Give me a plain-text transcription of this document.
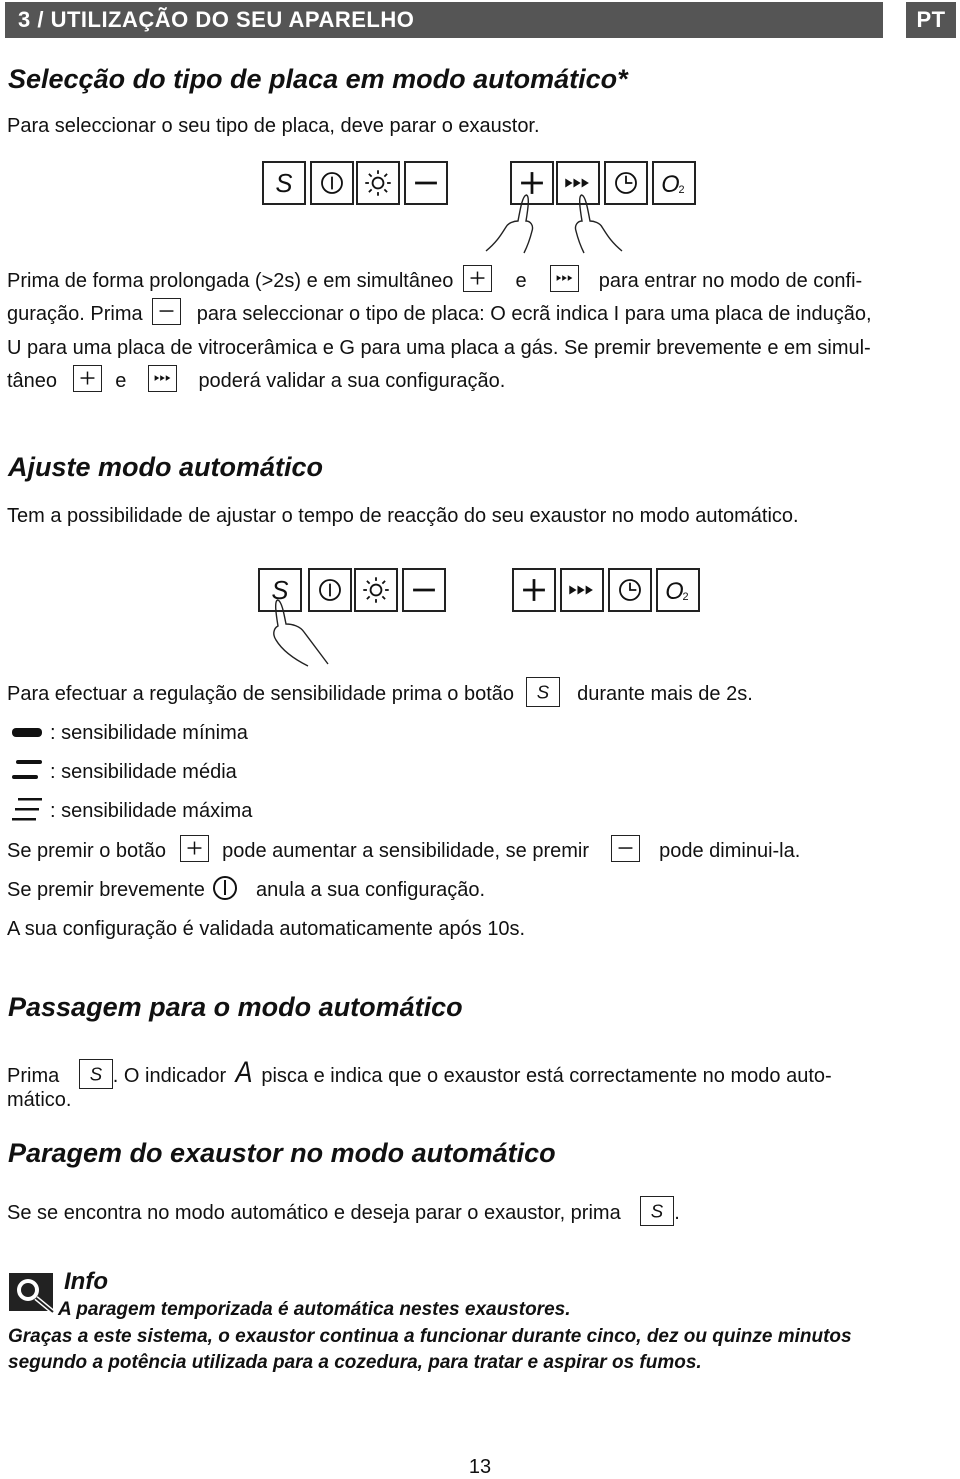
3 / UTILIZAÇÃO DO SEU APARELHO	PT
Selecção do tipo de placa em modo automático*

Para seleccionar o seu tipo de placa, deve parar o exaustor.

S	O
2
Prima de forma prolongada (>2s) e em simultâneo	e	para entrar no modo de confi-
guração. Prima	para seleccionar o tipo de placa: O ecrã indica I para uma placa de indução,
U para uma placa de vitrocerâmica e G para uma placa a gás. Se premir brevemente e em simul-
tâneo	e	poderá validar a sua configuração.
Ajuste modo automático

Tem a possibilidade de ajustar o tempo de reacção do seu exaustor no modo automático.

S	O
2
Para efectuar a regulação de sensibilidade prima o botão S durante mais de 2s.
: sensibilidade mínima
: sensibilidade média
: sensibilidade máxima
Se premir o botão	pode aumentar a sensibilidade, se premir	pode diminui-la.
Se premir brevemente	anula a sua configuração.
A sua configuração é validada automaticamente após 10s.
Passagem para o modo automático
Prima S . O indicador A pisca e indica que o exaustor está correctamente no modo auto-
mático.
Paragem do exaustor no modo automático
Se se encontra no modo automático e deseja parar o exaustor, prima S .
Info

A paragem temporizada é automática nestes exaustores.

Graças a este sistema, o exaustor continua a funcionar durante cinco, dez ou quinze minutos

segundo a potência utilizada para a cozedura, para tratar e aspirar os fumos.

13
